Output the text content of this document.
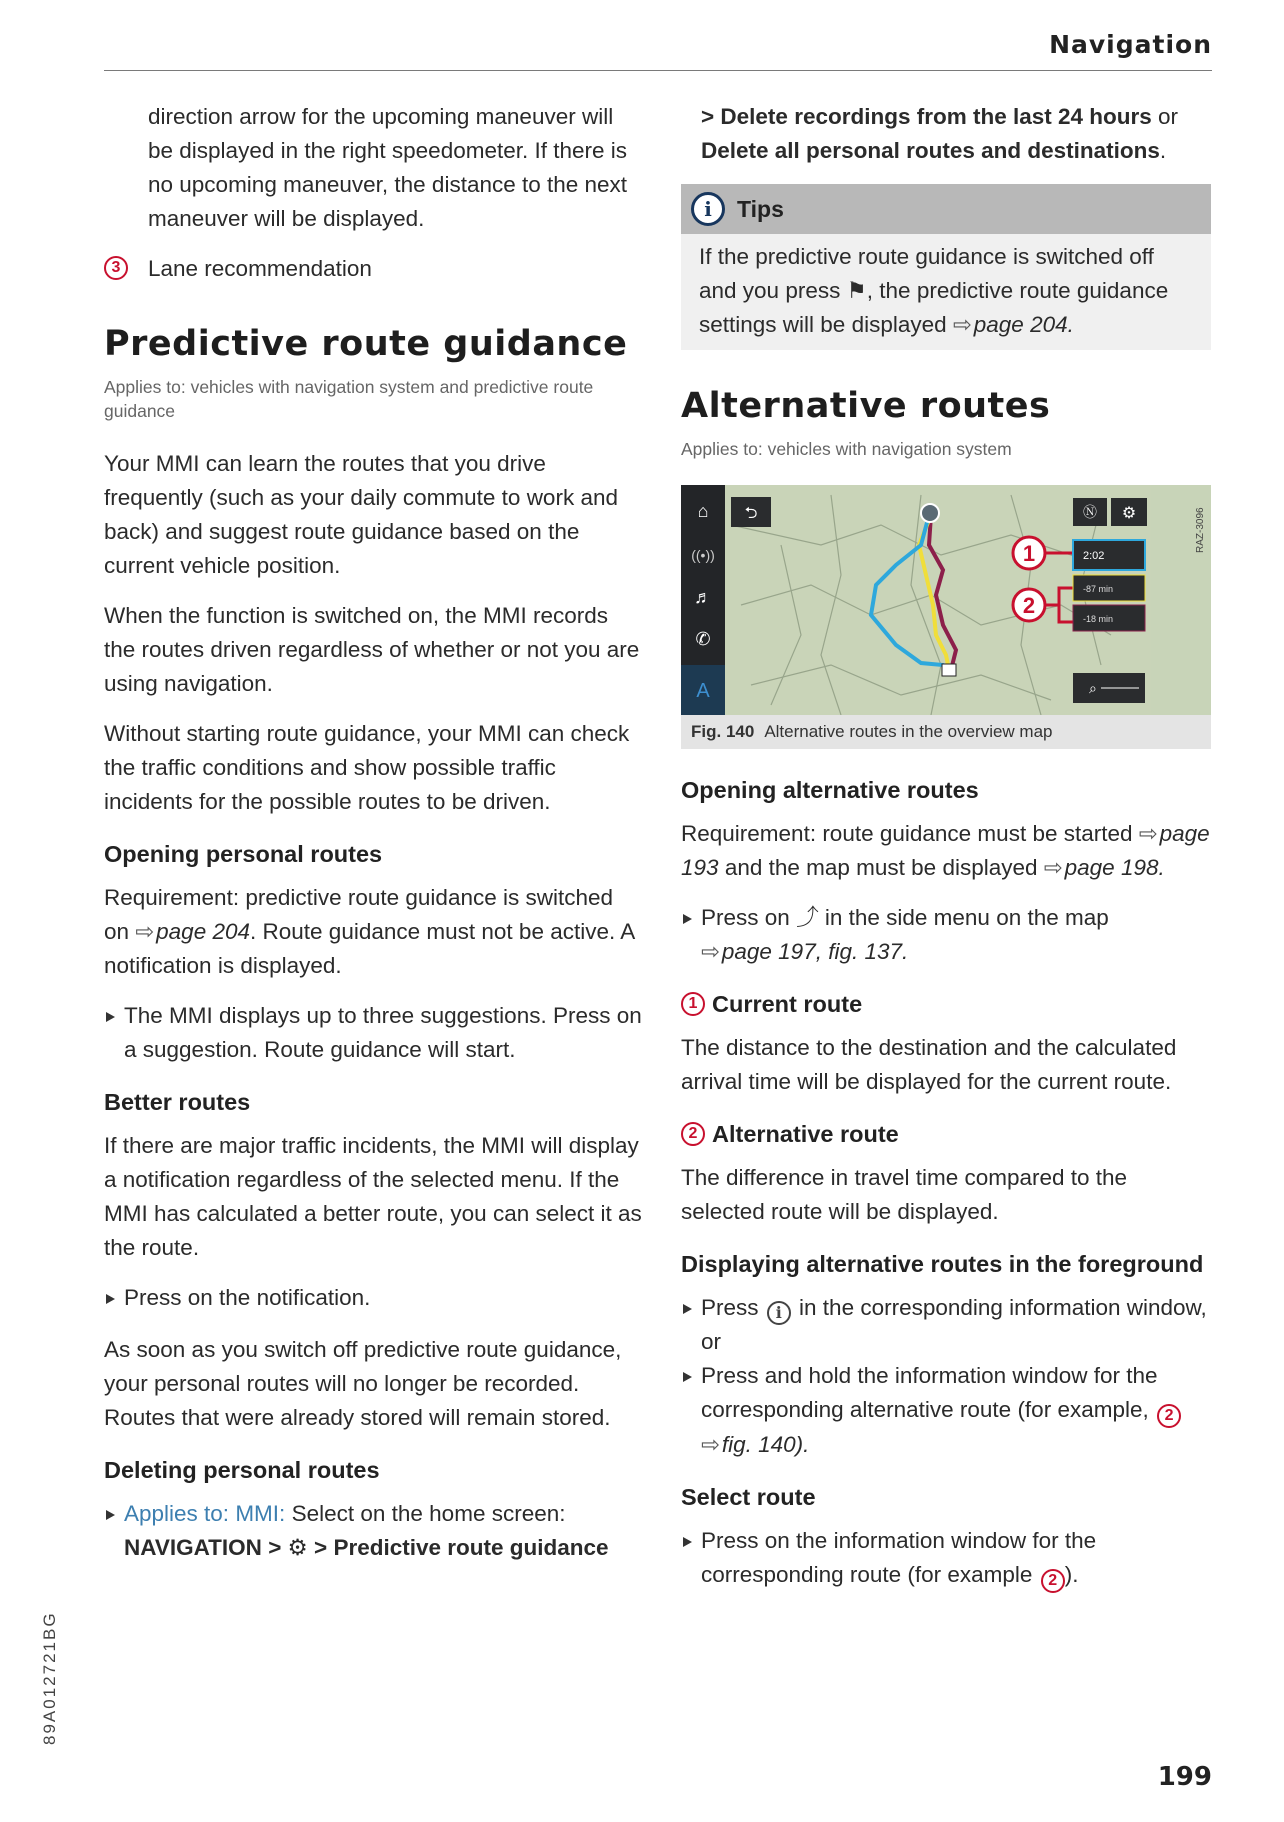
Navigation

direction arrow for the upcoming maneuver will be displayed in the right speedometer. If there is no upcoming maneuver, the distance to the next maneuver will be displayed.

3	Lane recommendation
Predictive route guidance
Applies to: vehicles with navigation system and predictive route guidance

Your MMI can learn the routes that you drive frequently (such as your daily commute to work and back) and suggest route guidance based on the current vehicle position.

When the function is switched on, the MMI records the routes driven regardless of whether or not you are using navigation.

Without starting route guidance, your MMI can check the traffic conditions and show possible traffic incidents for the possible routes to be driven.

Opening personal routes

Requirement: predictive route guidance is switched on ⇨page 204. Route guidance must not be active. A notification is displayed.

The MMI displays up to three suggestions. Press on a suggestion. Route guidance will start.
Better routes

If there are major traffic incidents, the MMI will display a notification regardless of the selected menu. If the MMI has calculated a better route, you can select it as the route.

Press on the notification.

As soon as you switch off predictive route guidance, your personal routes will no longer be recorded. Routes that were already stored will remain stored.

Deleting personal routes
Applies to: MMI: Select on the home screen:
NAVIGATION > ⚙ > Predictive route guidance

> Delete recordings from the last 24 hours or Delete all personal routes and destinations.

i	Tips

If the predictive route guidance is switched off and you press ⚑, the predictive route guidance settings will be displayed ⇨page 204.

Alternative routes
Applies to: vehicles with navigation system
⌂
((•))
♬
✆
A
⮌
1
2
Ⓝ ⚙
2:02
-87 min
-18 min
⌕
RAZ-3096
Fig. 140 Alternative routes in the overview map
Opening alternative routes

Requirement: route guidance must be started ⇨page 193 and the map must be displayed ⇨page 198.

Press on ⤴ in the side menu on the map
⇨page 197, fig. 137.
1 Current route

The distance to the destination and the calculated arrival time will be displayed for the current route.

2 Alternative route

The difference in travel time compared to the selected route will be displayed.

Displaying alternative routes in the foreground
Press i in the corresponding information window, or
Press and hold the information window for the corresponding alternative route (for example, 2⇨fig. 140).
Select route
Press on the information window for the corresponding route (for example 2 ).
89A012721BG
199
